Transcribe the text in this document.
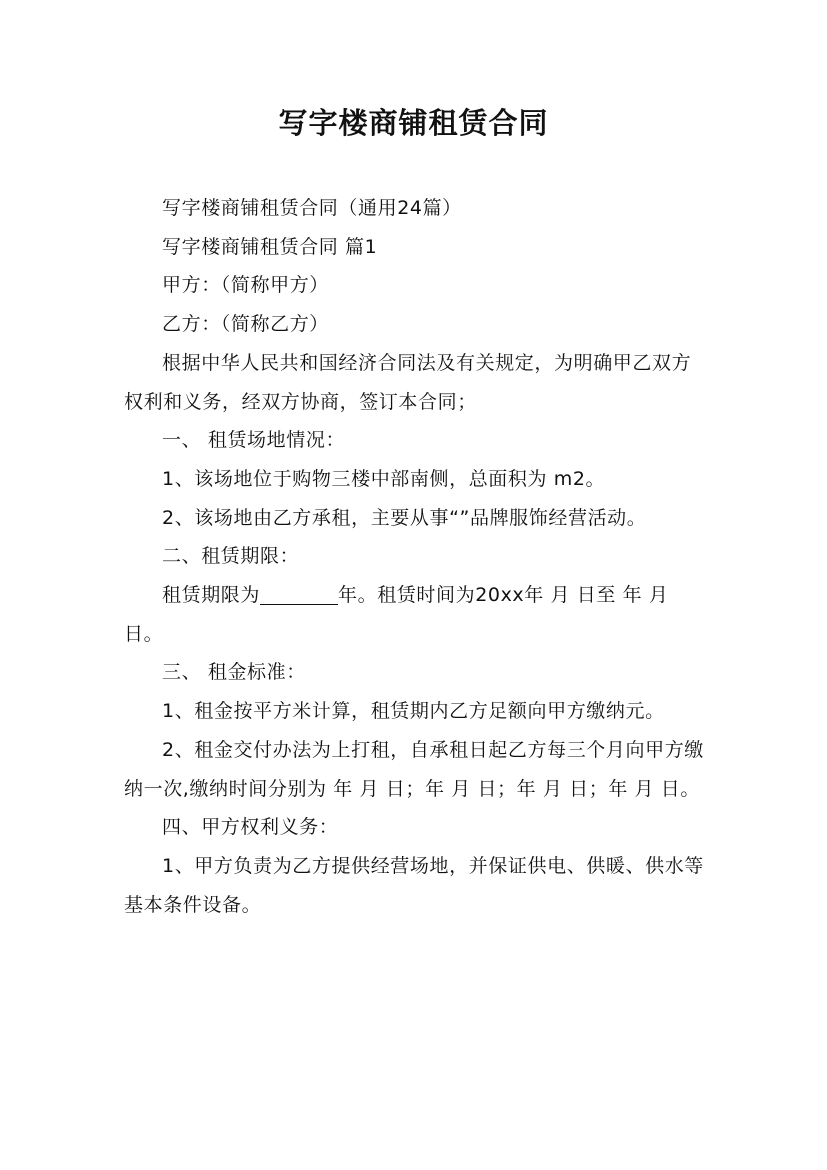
写字楼商铺租赁合同

写字楼商铺租赁合同（通用24篇）

写字楼商铺租赁合同 篇1

甲方：（简称甲方）

乙方：（简称乙方）

根据中华人民共和国经济合同法及有关规定，为明确甲乙双方权利和义务，经双方协商，签订本合同；

一、 租赁场地情况：

1、该场地位于购物三楼中部南侧，总面积为 m2。

2、该场地由乙方承租，主要从事“”品牌服饰经营活动。

二、租赁期限：

租赁期限为	年。租赁时间为20xx年 月 日至 年 月 日。

三、 租金标准：

1、租金按平方米计算，租赁期内乙方足额向甲方缴纳元。

2、租金交付办法为上打租，自承租日起乙方每三个月向甲方缴纳一次,缴纳时间分别为 年 月 日；年 月 日；年 月 日；年 月 日。

四、甲方权利义务：

1、甲方负责为乙方提供经营场地，并保证供电、供暖、供水等基本条件设备。
